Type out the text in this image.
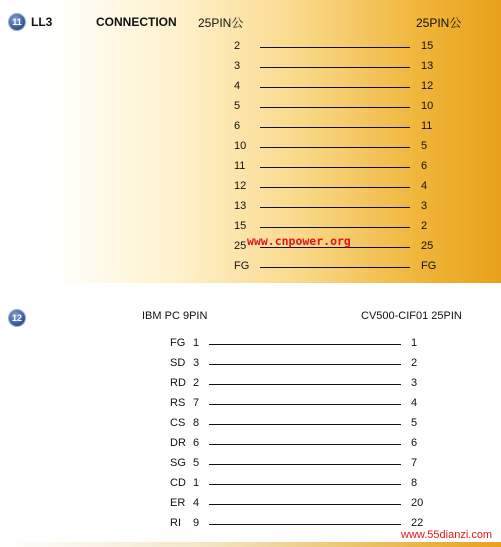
11 LL3	CONNECTION 25PIN公	25PIN公
2	15
3	13
4	12
5	10
6	11
10	5
11	6
12	4
13	3
15	2
25	25
FG	FG
www.cnpower.org
12	IBM PC 9PIN	CV500-CIF01 25PIN
FG 1	1
SD 3	2
RD 2	3
RS 7	4
CS 8	5
DR 6	6
SG 5	7
CD 1	8
ER 4	20
RI 9	22
www.55dianzi.com
